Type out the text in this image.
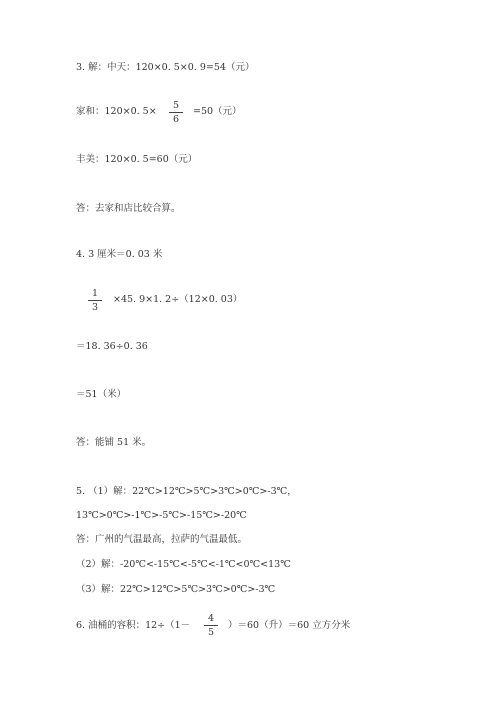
3. 解：中天：120×0. 5×0. 9=54（元）
家和：120×0. 5×
5
6
=50（元）
丰美：120×0. 5=60（元）
答：去家和店比较合算。
4. 3 厘米＝0. 03 米
1
3
×45. 9×1. 2÷（12×0. 03）
＝18. 36÷0. 36
＝51（米）
答：能铺 51 米。
5. （1）解：22℃>12℃>5℃>3℃>0℃>-3℃，
13℃>0℃>-1℃>-5℃>-15℃>-20℃
答：广州的气温最高，拉萨的气温最低。
（2）解：-20℃<-15℃<-5℃<-1℃<0℃<13℃
（3）解：22℃>12℃>5℃>3℃>0℃>-3℃
6. 油桶的容积：12÷（1－
4
5
）＝60（升）＝60 立方分米
